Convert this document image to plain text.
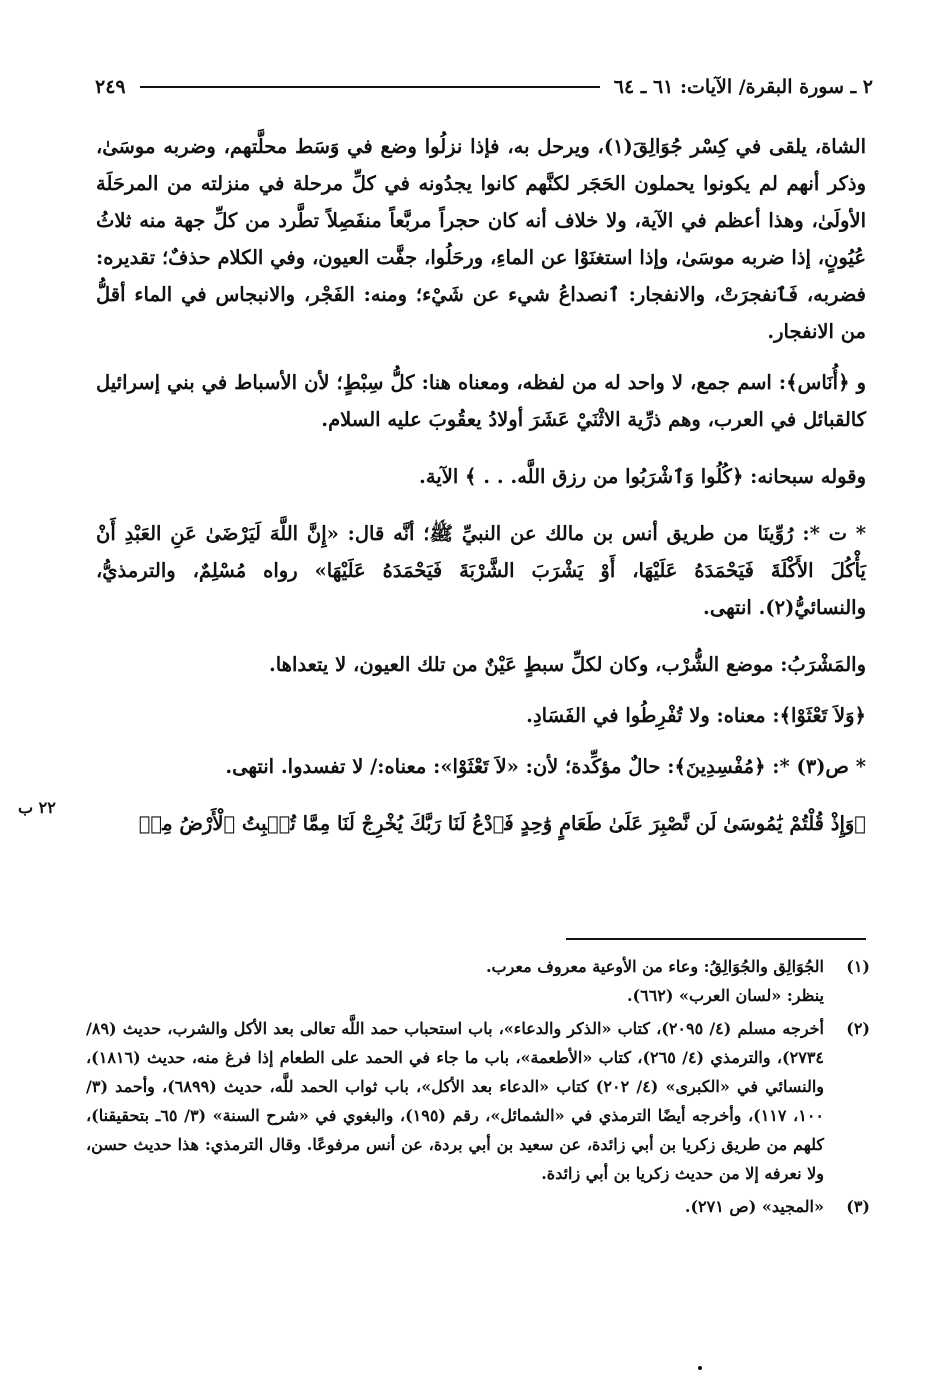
٢ ـ سورة البقرة/ الآيات: ٦١ ـ ٦٤
٢٤٩

الشاة، يلقى في كِسْر جُوَالِقَ(١)، ويرحل به، فإذا نزلُوا وضع في وَسَط محلَّتهم، وضربه موسَىٰ، وذكر أنهم لم يكونوا يحملون الحَجَر لكنَّهم كانوا يجدُونه في كلِّ مرحلة في منزلته من المرحَلَة الأولَىٰ، وهذا أعظم في الآية، ولا خلاف أنه كان حجراً مربَّعاً منفَصِلاً تطَّرد من كلِّ جهة منه ثلاثُ عُيُونٍ، إذا ضربه موسَىٰ، وإذا استغنَوْا عن الماءِ، ورحَلُوا، جفَّت العيون، وفي الكلام حذفٌ؛ تقديره: فضربه، فَٱنفجرَتْ، والانفجار: ٱنصداعُ شيء عن شَيْء؛ ومنه: الفَجْر، والانبجاس في الماء أقلُّ من الانفجار.

و ﴿أُنَاس﴾: اسم جمع، لا واحد له من لفظه، ومعناه هنا: كلُّ سِبْطٍ؛ لأن الأسباط في بني إسرائيل كالقبائل في العرب، وهم ذرِّية الاثْنَيْ عَشَرَ أولادُ يعقُوبَ عليه السلام.

وقوله سبحانه: ﴿كُلُوا وَٱشْرَبُوا من رزق اللَّه. . . ﴾ الآية.

* ت *: رُوِّينَا من طريق أنس بن مالك عن النبيِّ ﷺ؛ أنَّه قال: «إِنَّ اللَّهَ لَيَرْضَىٰ عَنِ العَبْدِ أَنْ يَأْكُلَ الأَكْلَةَ فَيَحْمَدَهُ عَلَيْهَا، أَوْ يَشْرَبَ الشَّرْبَةَ فَيَحْمَدَهُ عَلَيْهَا» رواه مُسْلِمٌ، والترمذيُّ، والنسائيُّ(٢). انتهى.

والمَشْرَبُ: موضع الشُّرْب، وكان لكلِّ سبطٍ عَيْنٌ من تلك العيون، لا يتعداها.

﴿وَلاَ تَعْثَوْا﴾: معناه: ولا تُفْرِطُوا في الفَسَادِ.

* ص(٣) *: ﴿مُفْسِدِينَ﴾: حالٌ مؤكِّدة؛ لأن: «لاَ تَعْثَوْا»: معناه:/ لا تفسدوا. انتهى.

﴿وَإِذْ قُلْتُمْ يَٰمُوسَىٰ لَن نَّصْبِرَ عَلَىٰ طَعَامٍ وَٰحِدٍ فَٱدْعُ لَنَا رَبَّكَ يُخْرِجْ لَنَا مِمَّا تُنۢبِتُ ٱلْأَرْضُ مِنۢ

٢٢ ب
(١)
الجُوَالِق والجُوَالِقُ: وعاء من الأوعية معروف معرب.
ينظر: «لسان العرب» (٦٦٢).
(٢)
أخرجه مسلم (٤/ ٢٠٩٥)، كتاب «الذكر والدعاء»، باب استحباب حمد اللَّه تعالى بعد الأكل والشرب، حديث (٨٩/ ٢٧٣٤)، والترمذي (٤/ ٢٦٥)، كتاب «الأطعمة»، باب ما جاء في الحمد على الطعام إذا فرغ منه، حديث (١٨١٦)، والنسائي في «الكبرى» (٤/ ٢٠٢) كتاب «الدعاء بعد الأكل»، باب ثواب الحمد للَّه، حديث (٦٨٩٩)، وأحمد (٣/ ١٠٠، ١١٧)، وأخرجه أيضًا الترمذي في «الشمائل»، رقم (١٩٥)، والبغوي في «شرح السنة» (٣/ ٦٥ـ بتحقيقنا)، كلهم من طريق زكريا بن أبي زائدة، عن سعيد بن أبي بردة، عن أنس مرفوعًا. وقال الترمذي: هذا حديث حسن، ولا نعرفه إلا من حديث زكريا بن أبي زائدة.
(٣)
«المجيد» (ص ٢٧١).
